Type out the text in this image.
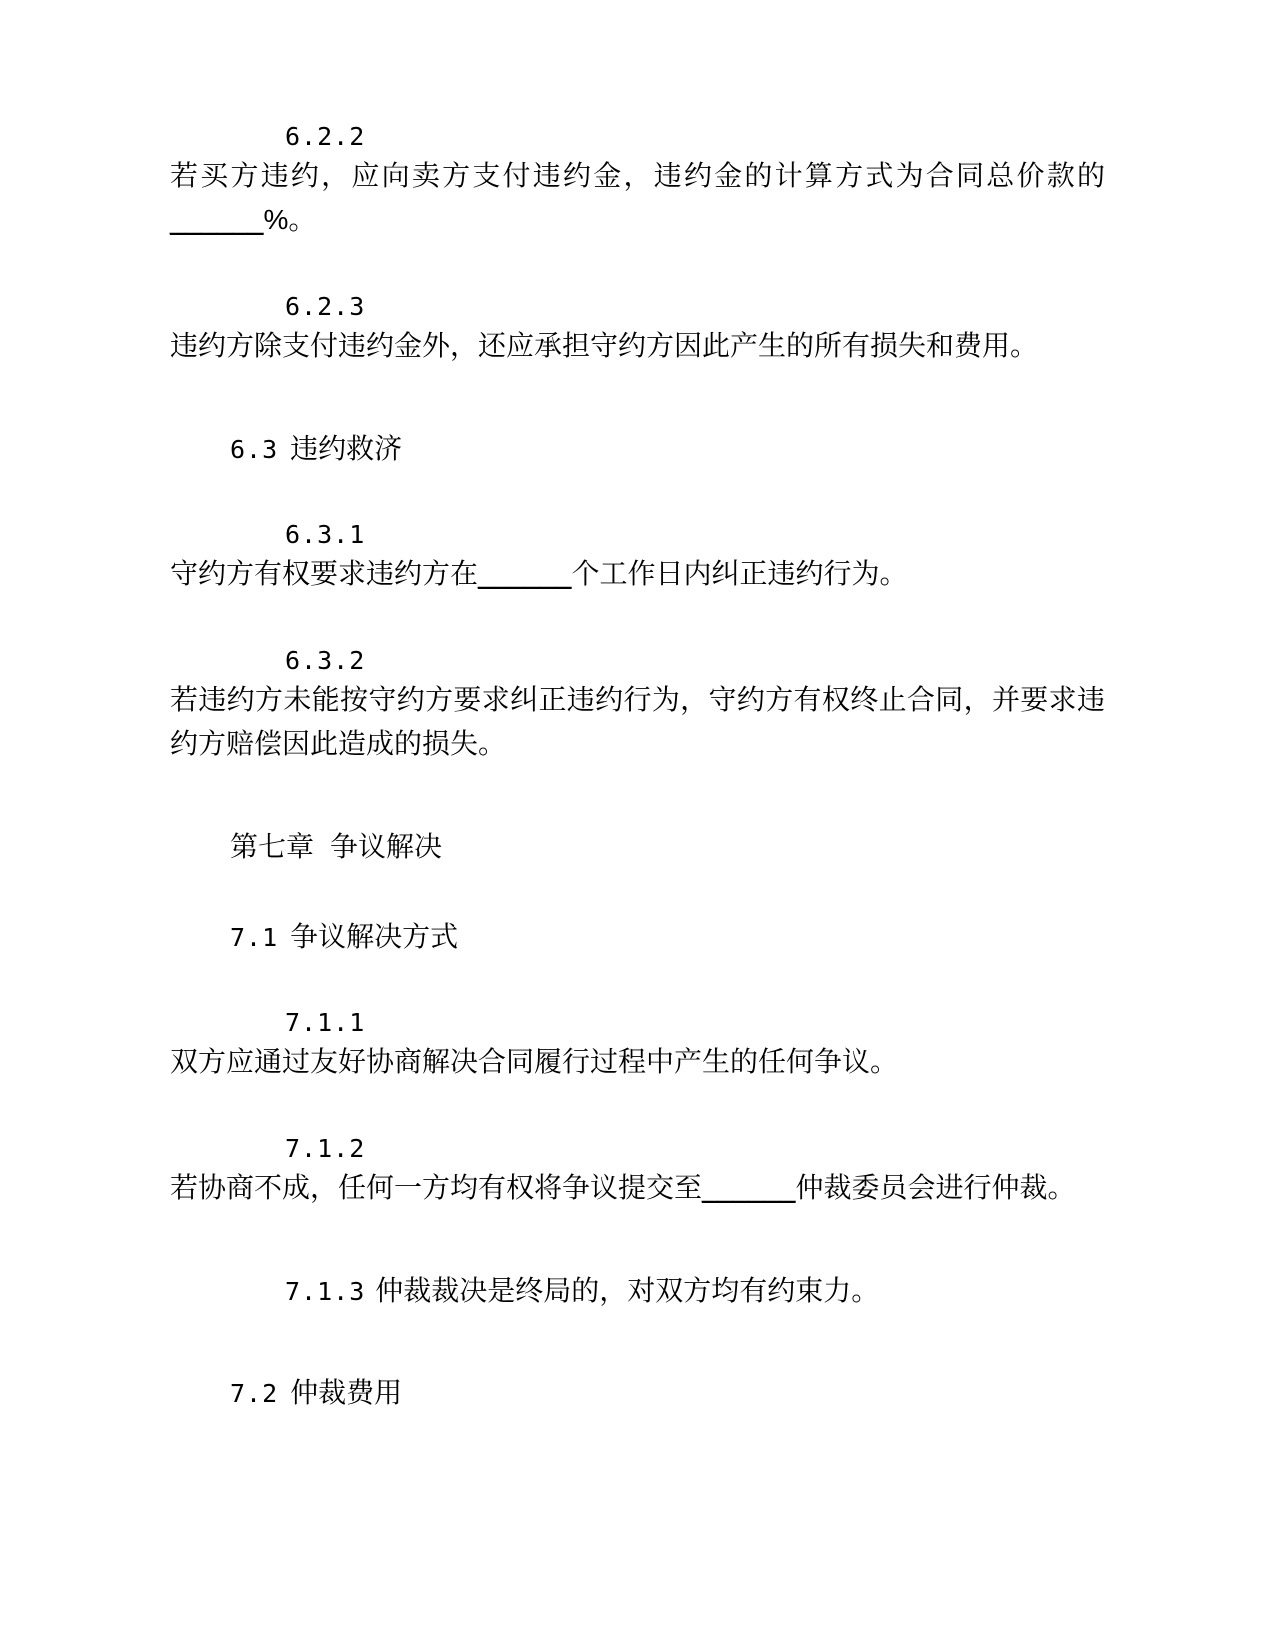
6.2.2

若买方违约，应向卖方支付违约金，违约金的计算方式为合同总价款的______%。

6.2.3

违约方除支付违约金外，还应承担守约方因此产生的所有损失和费用。

6.3 违约救济

6.3.1

守约方有权要求违约方在______个工作日内纠正违约行为。

6.3.2

若违约方未能按守约方要求纠正违约行为，守约方有权终止合同，并要求违约方赔偿因此造成的损失。

第七章 争议解决

7.1 争议解决方式

7.1.1

双方应通过友好协商解决合同履行过程中产生的任何争议。

7.1.2

若协商不成，任何一方均有权将争议提交至______仲裁委员会进行仲裁。

7.1.3 仲裁裁决是终局的，对双方均有约束力。

7.2 仲裁费用
